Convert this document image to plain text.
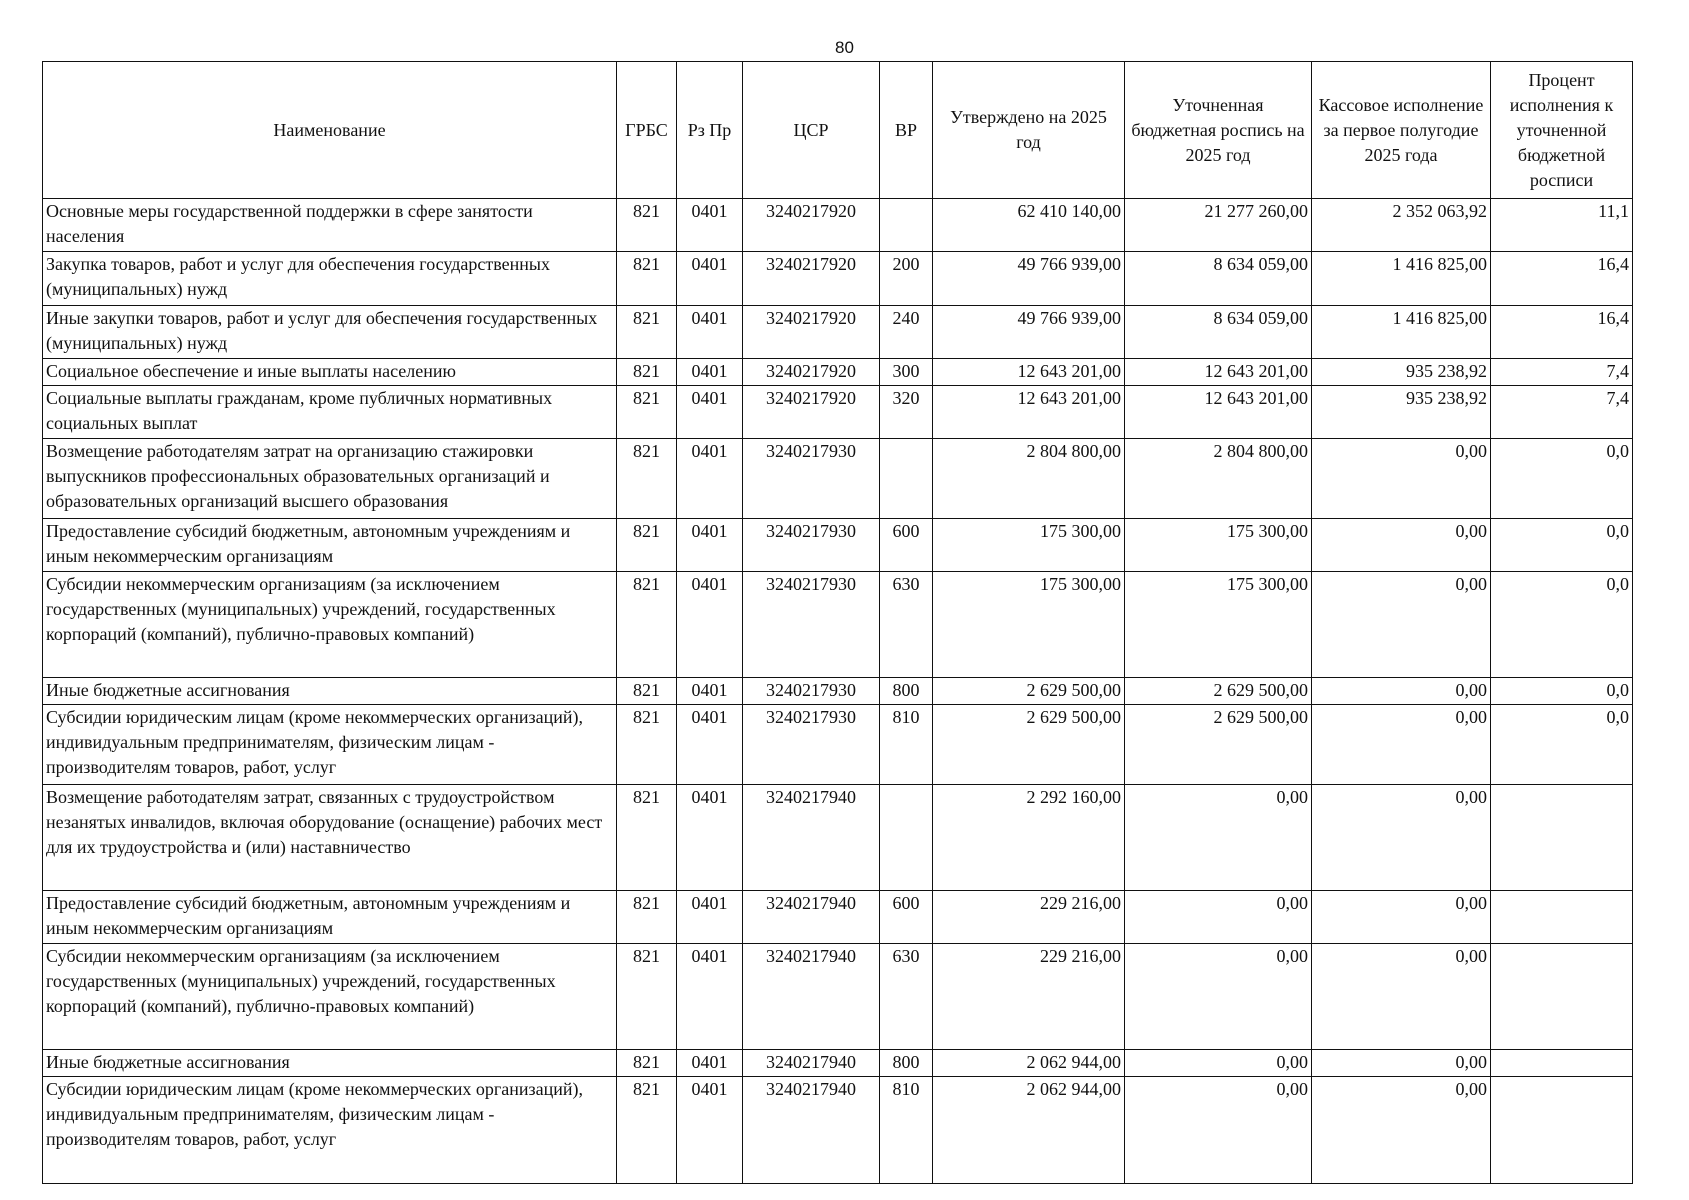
80
Наименование	ГРБС	Рз Пр	ЦСР	ВР	Утверждено на 2025 год	Уточненная бюджетная роспись на 2025 год	Кассовое исполнение за первое полугодие 2025 года	Процент исполнения к уточненной бюджетной росписи
Основные меры государственной поддержки в сфере занятости населения	821	0401	3240217920		62 410 140,00	21 277 260,00	2 352 063,92	11,1
Закупка товаров, работ и услуг для обеспечения государственных (муниципальных) нужд	821	0401	3240217920	200	49 766 939,00	8 634 059,00	1 416 825,00	16,4
Иные закупки товаров, работ и услуг для обеспечения государственных (муниципальных) нужд	821	0401	3240217920	240	49 766 939,00	8 634 059,00	1 416 825,00	16,4
Социальное обеспечение и иные выплаты населению	821	0401	3240217920	300	12 643 201,00	12 643 201,00	935 238,92	7,4
Социальные выплаты гражданам, кроме публичных нормативных социальных выплат	821	0401	3240217920	320	12 643 201,00	12 643 201,00	935 238,92	7,4
Возмещение работодателям затрат на организацию стажировки выпускников профессиональных образовательных организаций и образовательных организаций высшего образования	821	0401	3240217930		2 804 800,00	2 804 800,00	0,00	0,0
Предоставление субсидий бюджетным, автономным учреждениям и иным некоммерческим организациям	821	0401	3240217930	600	175 300,00	175 300,00	0,00	0,0
Субсидии некоммерческим организациям (за исключением государственных (муниципальных) учреждений, государственных корпораций (компаний), публично-правовых компаний)	821	0401	3240217930	630	175 300,00	175 300,00	0,00	0,0
Иные бюджетные ассигнования	821	0401	3240217930	800	2 629 500,00	2 629 500,00	0,00	0,0
Субсидии юридическим лицам (кроме некоммерческих организаций), индивидуальным предпринимателям, физическим лицам - производителям товаров, работ, услуг	821	0401	3240217930	810	2 629 500,00	2 629 500,00	0,00	0,0
Возмещение работодателям затрат, связанных с трудоустройством незанятых инвалидов, включая оборудование (оснащение) рабочих мест для их трудоустройства и (или) наставничество	821	0401	3240217940		2 292 160,00	0,00	0,00	
Предоставление субсидий бюджетным, автономным учреждениям и иным некоммерческим организациям	821	0401	3240217940	600	229 216,00	0,00	0,00	
Субсидии некоммерческим организациям (за исключением государственных (муниципальных) учреждений, государственных корпораций (компаний), публично-правовых компаний)	821	0401	3240217940	630	229 216,00	0,00	0,00	
Иные бюджетные ассигнования	821	0401	3240217940	800	2 062 944,00	0,00	0,00	
Субсидии юридическим лицам (кроме некоммерческих организаций), индивидуальным предпринимателям, физическим лицам - производителям товаров, работ, услуг	821	0401	3240217940	810	2 062 944,00	0,00	0,00	
